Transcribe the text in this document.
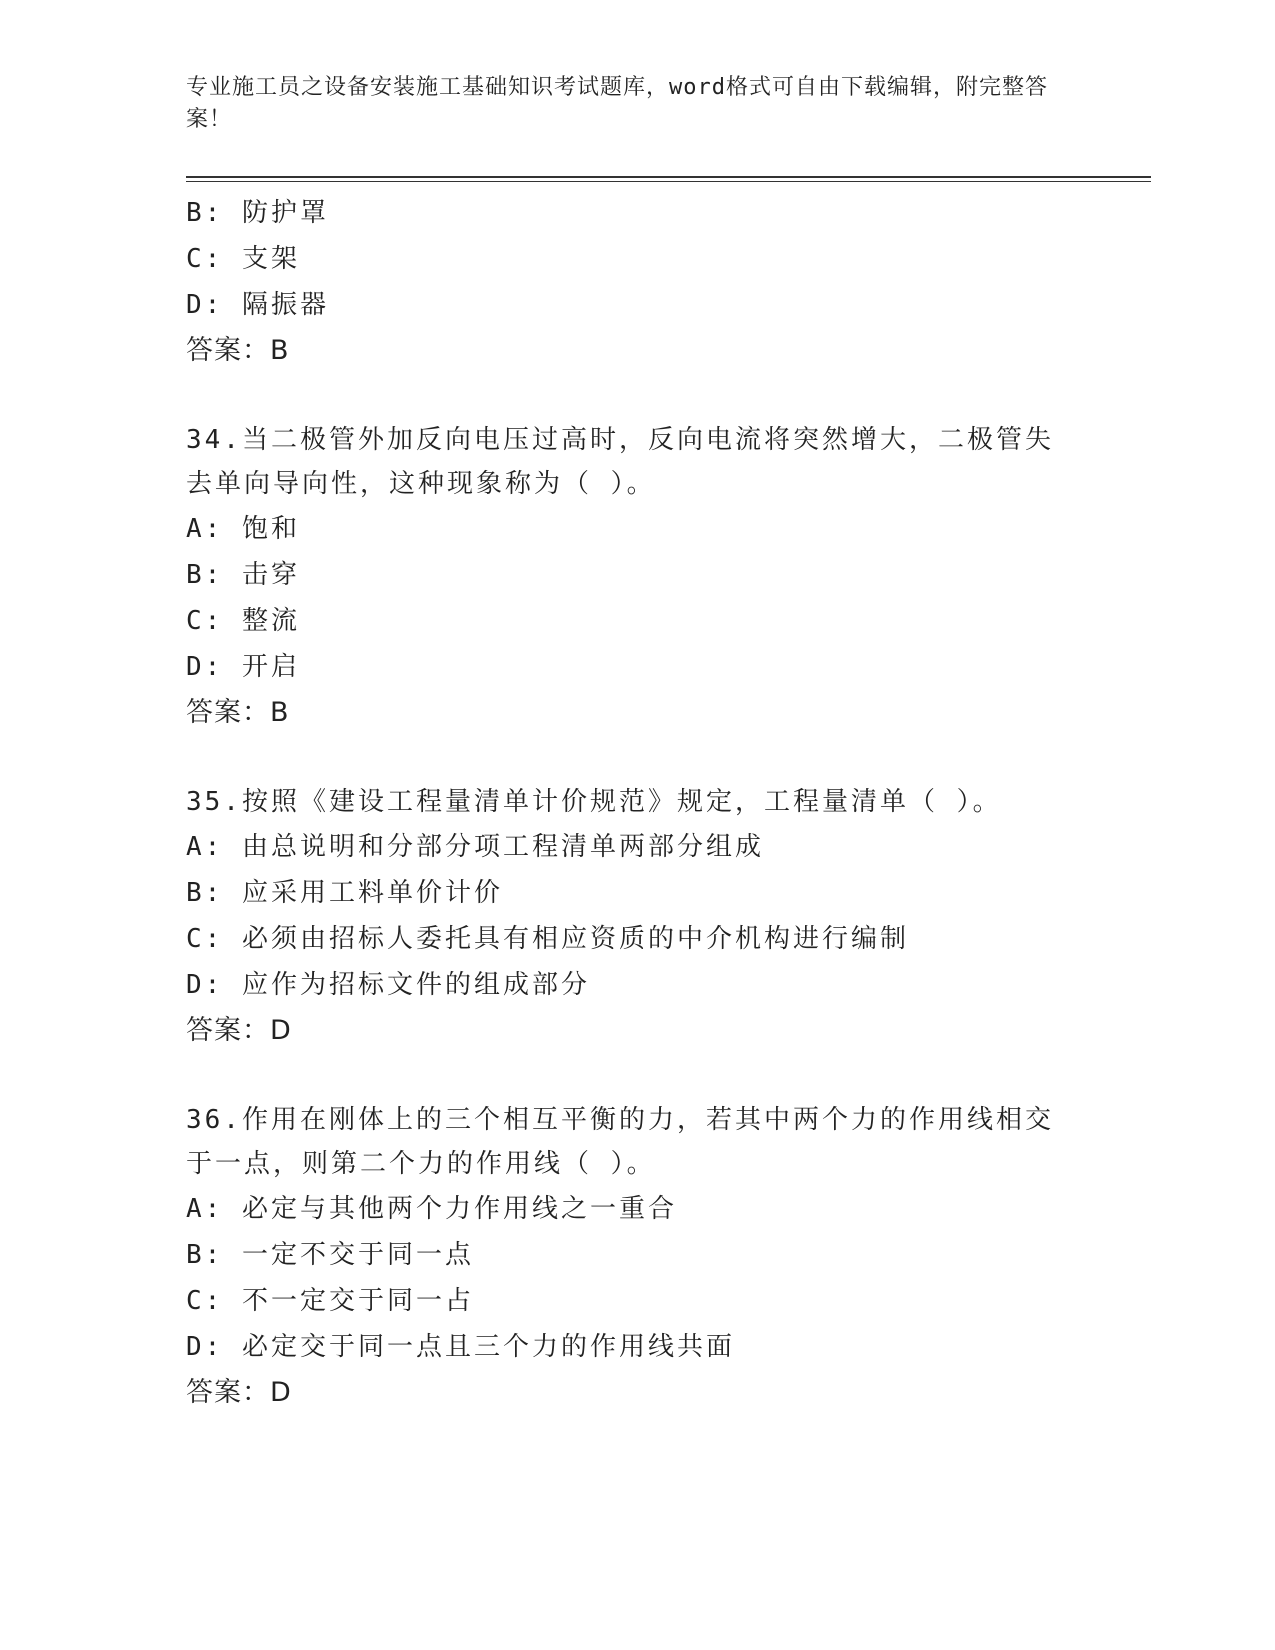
专业施工员之设备安装施工基础知识考试题库，word格式可自由下载编辑，附完整答案！
B: 防护罩
C: 支架
D: 隔振器
答案：B
34.当二极管外加反向电压过高时，反向电流将突然增大，二极管失去单向导向性，这种现象称为（ ）。
A: 饱和
B: 击穿
C: 整流
D: 开启
答案：B
35.按照《建设工程量清单计价规范》规定，工程量清单（ ）。
A: 由总说明和分部分项工程清单两部分组成
B: 应采用工料单价计价
C: 必须由招标人委托具有相应资质的中介机构进行编制
D: 应作为招标文件的组成部分
答案：D
36.作用在刚体上的三个相互平衡的力，若其中两个力的作用线相交于一点，则第二个力的作用线（ ）。
A: 必定与其他两个力作用线之一重合
B: 一定不交于同一点
C: 不一定交于同一占
D: 必定交于同一点且三个力的作用线共面
答案：D
